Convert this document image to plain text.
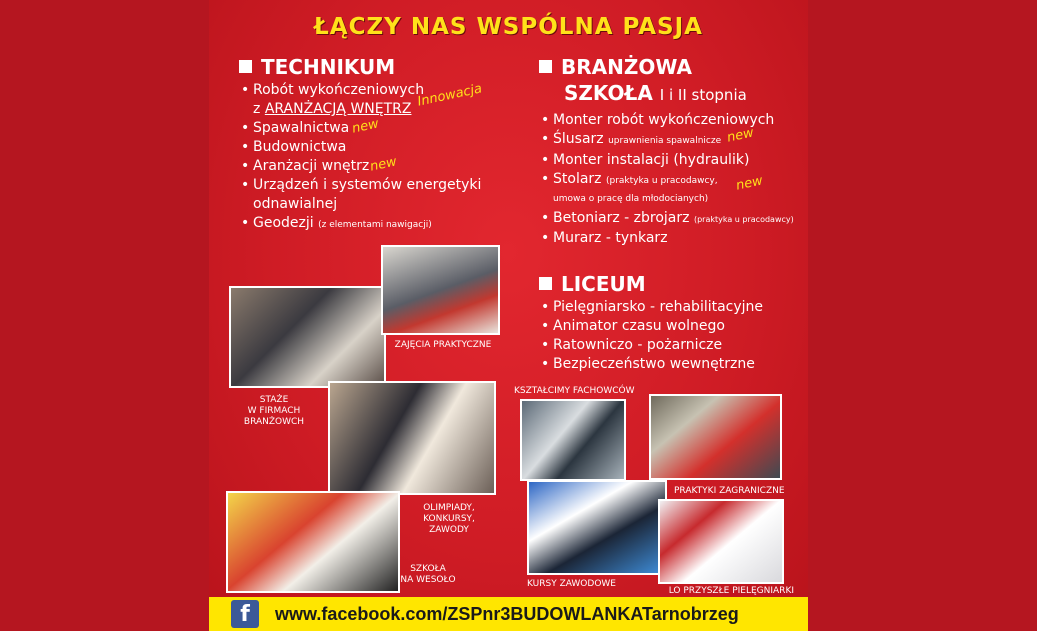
ŁĄCZY NAS WSPÓLNA PASJA
TECHNIKUM
• Robót wykończeniowych
z ARANŻACJĄ WNĘTRZ
• Spawalnictwa
• Budownictwa
• Aranżacji wnętrz
• Urządzeń i systemów energetyki
odnawialnej
• Geodezji (z elementami nawigacji)
Innowacja
new
new
BRANŻOWA
SZKOŁA I i II stopnia
• Monter robót wykończeniowych
• Ślusarz uprawnienia spawalnicze
• Monter instalacji (hydraulik)
• Stolarz (praktyka u pracodawcy,
umowa o pracę dla młodocianych)
• Betoniarz - zbrojarz (praktyka u pracodawcy)
• Murarz - tynkarz
new
new
LICEUM
• Pielęgniarsko - rehabilitacyjne
• Animator czasu wolnego
• Ratowniczo - pożarnicze
• Bezpieczeństwo wewnętrzne
ZAJĘCIA PRAKTYCZNE
STAŻE
W FIRMACH
BRANŻOWCH
OLIMPIADY,
KONKURSY,
ZAWODY
SZKOŁA
NA WESOŁO
KSZTAŁCIMY FACHOWCÓW
PRAKTYKI ZAGRANICZNE
KURSY ZAWODOWE
LO PRZYSZŁE PIELĘGNIARKI
f	www.facebook.com/ZSPnr3BUDOWLANKATarnobrzeg
